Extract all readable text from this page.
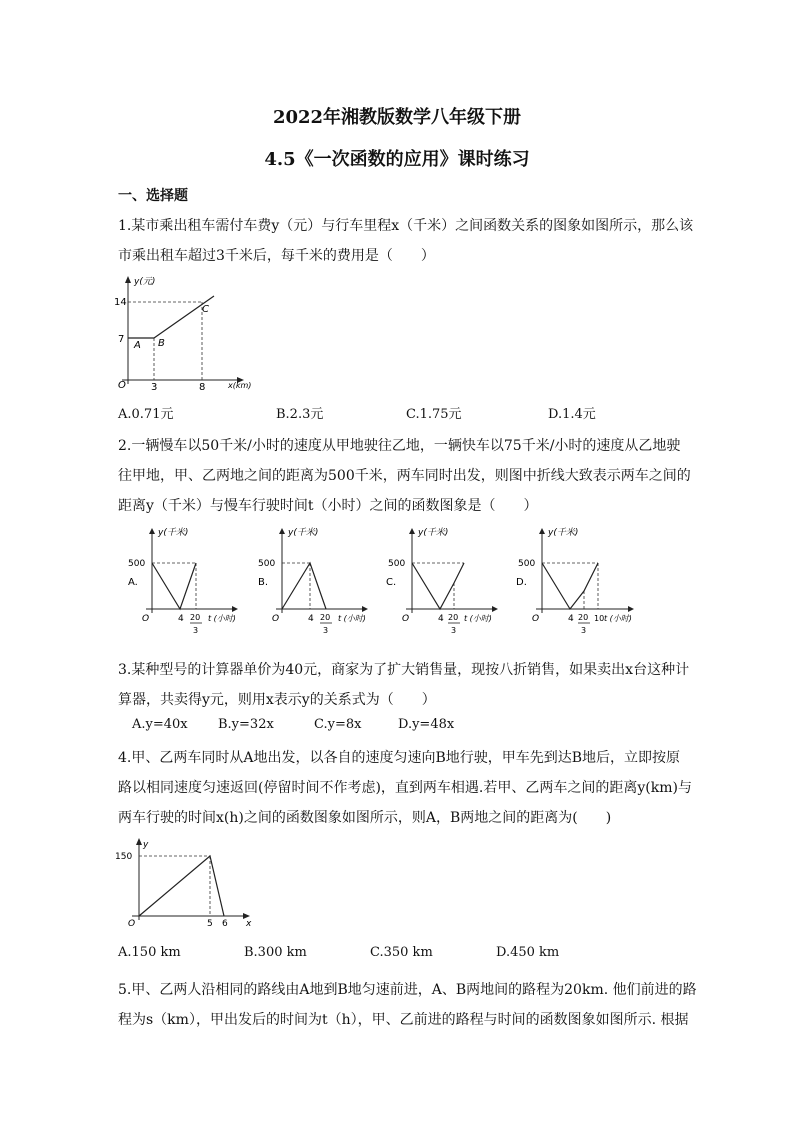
2022年湘教版数学八年级下册
4.5《一次函数的应用》课时练习
一、选择题
1.某市乘出租车需付车费y（元）与行车里程x（千米）之间函数关系的图象如图所示，那么该
市乘出租车超过3千米后，每千米的费用是（　　）
y(元)
x(km)
14
7
O	3	8
A B
C
A.0.71元	B.2.3元	C.1.75元	D.1.4元
2.一辆慢车以50千米/小时的速度从甲地驶往乙地，一辆快车以75千米/小时的速度从乙地驶
往甲地，甲、乙两地之间的距离为500千米，两车同时出发，则图中折线大致表示两车之间的
距离y（千米）与慢车行驶时间t（小时）之间的函数图象是（　　）
A.
y(千米)
500
O	4 20
3
t (小时)
B.
y(千米)
500
O	4 20
3
t (小时)
C.
y(千米)
500
O	4 20
3
t (小时)
D.
y(千米)
500
O	4 20
3
10 t (小时)
3.某种型号的计算器单价为40元，商家为了扩大销售量，现按八折销售，如果卖出x台这种计
算器，共卖得y元，则用x表示y的关系式为（　　）
A.y=40x B.y=32x	C.y=8x	D.y=48x
4.甲、乙两车同时从A地出发，以各自的速度匀速向B地行驶，甲车先到达B地后，立即按原
路以相同速度匀速返回(停留时间不作考虑)，直到两车相遇.若甲、乙两车之间的距离y(km)与
两车行驶的时间x(h)之间的函数图象如图所示，则A，B两地之间的距离为(　　)
y
x
150
O	5 6
A.150 km	B.300 km	C.350 km	D.450 km
5.甲、乙两人沿相同的路线由A地到B地匀速前进，A、B两地间的路程为20km. 他们前进的路
程为s（km），甲出发后的时间为t（h），甲、乙前进的路程与时间的函数图象如图所示. 根据
